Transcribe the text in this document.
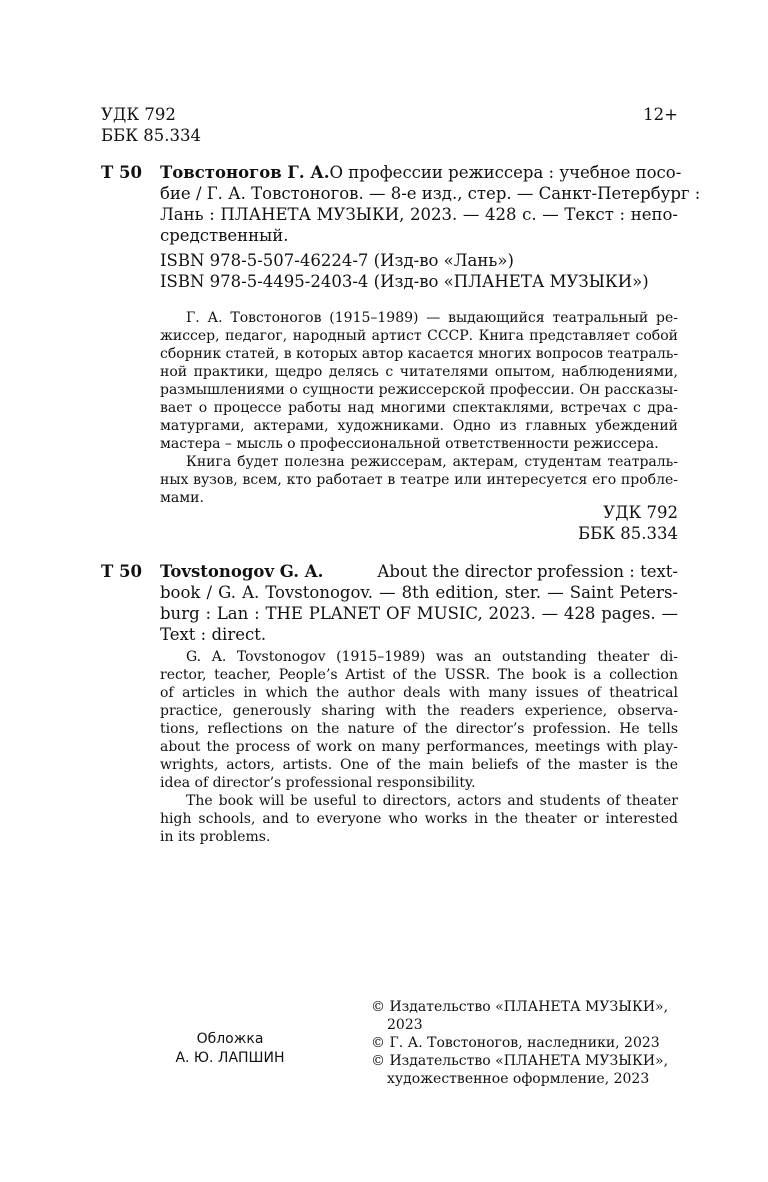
УДК 792
ББК 85.334
12+
Т 50 Товстоногов Г. А. О профессии режиссера : учебное посо-
бие / Г. А. Товстоногов. — 8-е изд., стер. — Санкт-Петербург :
Лань : ПЛАНЕТА МУЗЫКИ, 2023. — 428 с. — Текст : непо-
средственный.
ISBN 978-5-507-46224-7 (Изд-во «Лань»)
ISBN 978-5-4495-2403-4 (Изд-во «ПЛАНЕТА МУЗЫКИ»)
Г. А. Товстоногов (1915–1989) — выдающийся театральный ре-
жиссер, педагог, народный артист СССР. Книга представляет собой
сборник статей, в которых автор касается многих вопросов театраль-
ной практики, щедро делясь с читателями опытом, наблюдениями,
размышлениями о сущности режиссерской профессии. Он рассказы-
вает о процессе работы над многими спектаклями, встречах с дра-
матургами, актерами, художниками. Одно из главных убеждений
мастера – мысль о профессиональной ответственности режиссера.
Книга будет полезна режиссерам, актерам, студентам театраль-
ных вузов, всем, кто работает в театре или интересуется его пробле-
мами.
УДК 792
ББК 85.334
T 50 Tovstonogov G. A.	About the director profession : text-
book / G. A. Tovstonogov. — 8th edition, ster. — Saint Peters-
burg : Lan : THE PLANET OF MUSIC, 2023. — 428 pages. —
Text : direct.
G. A. Tovstonogov (1915–1989) was an outstanding theater di-
rector, teacher, People’s Artist of the USSR. The book is a collection
of articles in which the author deals with many issues of theatrical
practice, generously sharing with the readers experience, observa-
tions, reflections on the nature of the director’s profession. He tells
about the process of work on many performances, meetings with play-
wrights, actors, artists. One of the main beliefs of the master is the
idea of director’s professional responsibility.
The book will be useful to directors, actors and students of theater
high schools, and to everyone who works in the theater or interested
in its problems.
Обложка
А. Ю. ЛАПШИН
© Издательство «ПЛАНЕТА МУЗЫКИ»,
2023
© Г. А. Товстоногов, наследники, 2023
© Издательство «ПЛАНЕТА МУЗЫКИ»,
художественное оформление, 2023
